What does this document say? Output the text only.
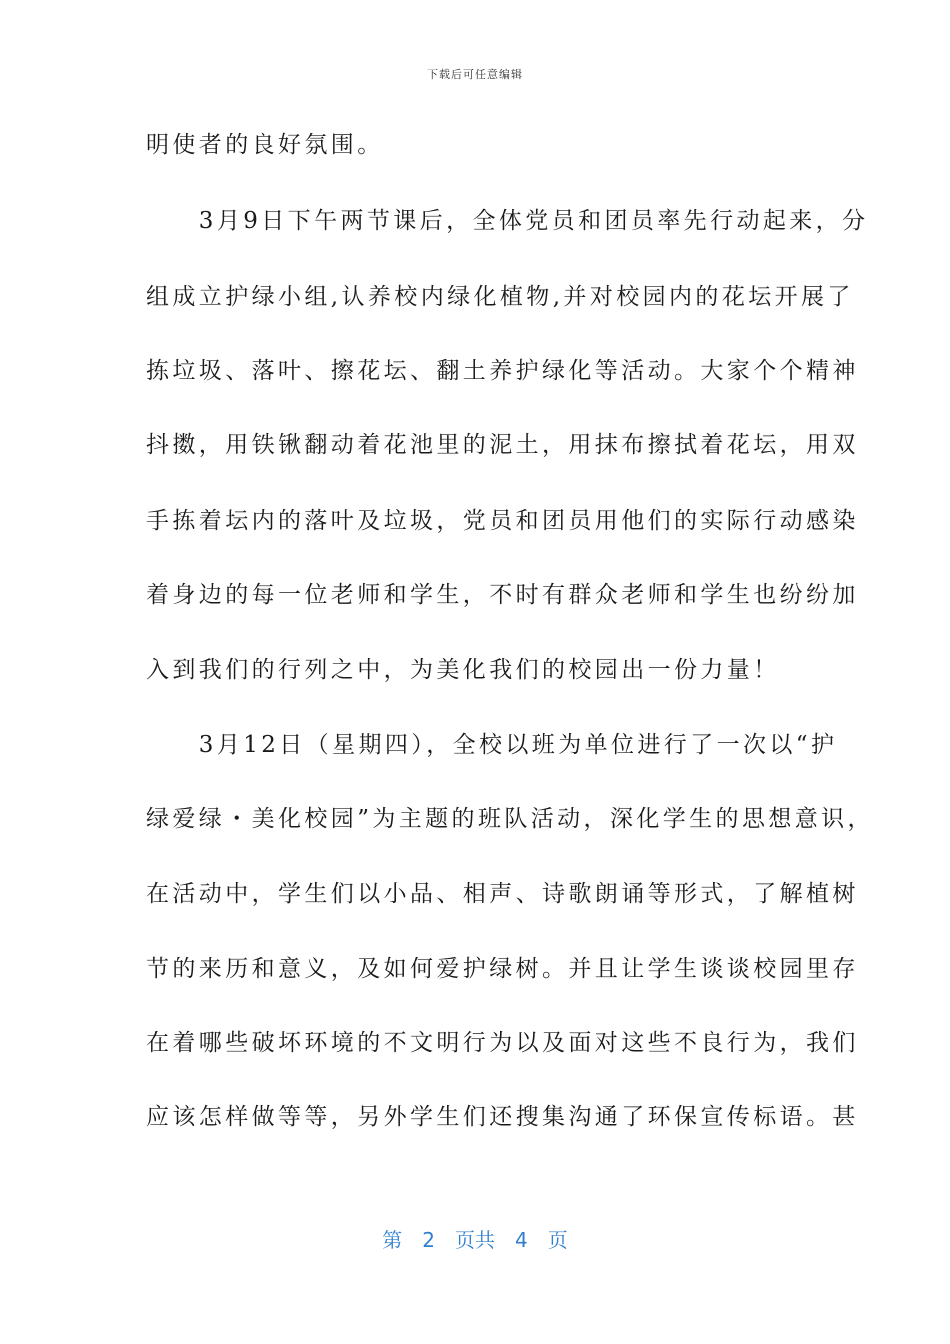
下载后可任意编辑
明使者的良好氛围。
　　3月9日下午两节课后，全体党员和团员率先行动起来，分
组成立护绿小组,认养校内绿化植物,并对校园内的花坛开展了
拣垃圾、落叶、擦花坛、翻土养护绿化等活动。大家个个精神
抖擞，用铁锹翻动着花池里的泥土，用抹布擦拭着花坛，用双
手拣着坛内的落叶及垃圾，党员和团员用他们的实际行动感染
着身边的每一位老师和学生，不时有群众老师和学生也纷纷加
入到我们的行列之中，为美化我们的校园出一份力量！
　　3月12日（星期四），全校以班为单位进行了一次以“护
绿爱绿・美化校园”为主题的班队活动，深化学生的思想意识，
在活动中，学生们以小品、相声、诗歌朗诵等形式，了解植树
节的来历和意义，及如何爱护绿树。并且让学生谈谈校园里存
在着哪些破坏环境的不文明行为以及面对这些不良行为，我们
应该怎样做等等，另外学生们还搜集沟通了环保宣传标语。甚
第 2 页共 4 页
